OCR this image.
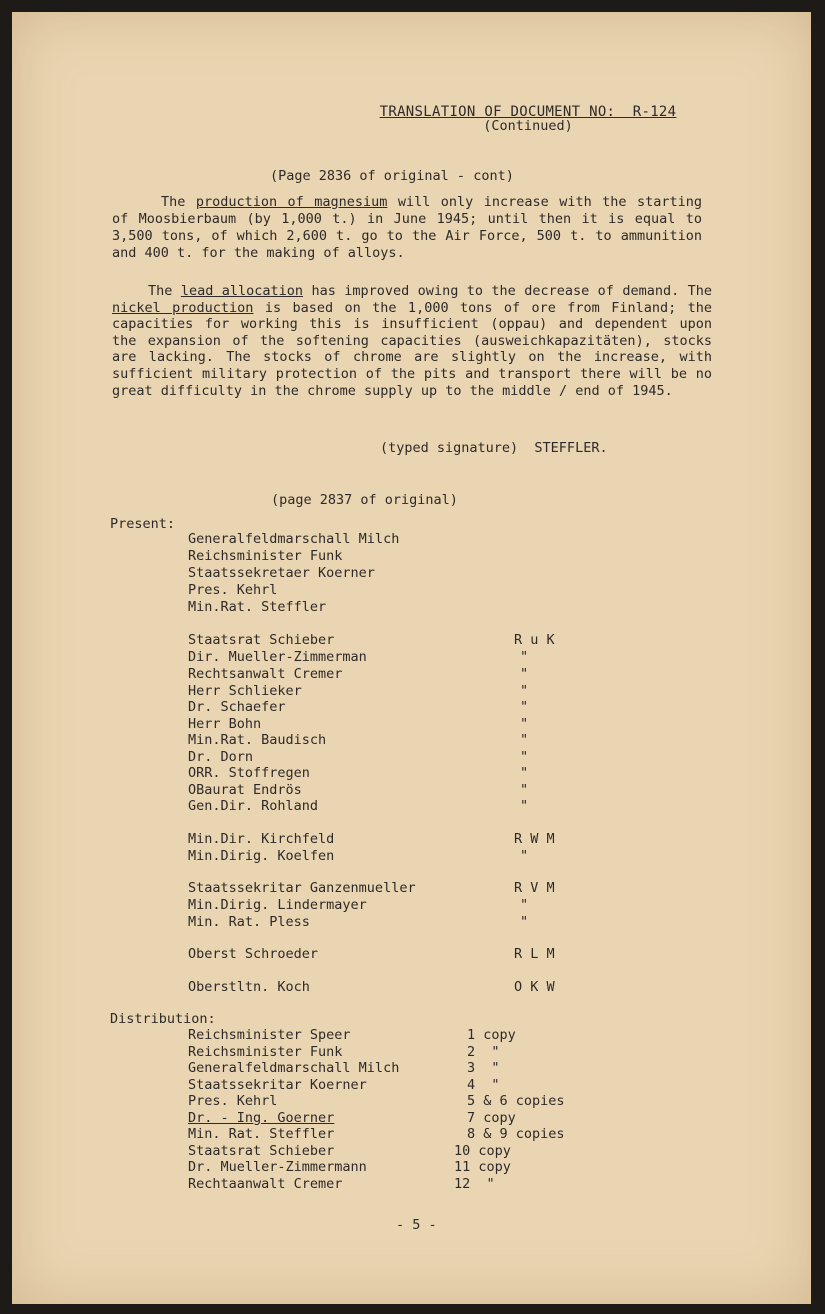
TRANSLATION OF DOCUMENT NO:  R-124
(Continued)
(Page 2836 of original - cont)
The production of magnesium will only increase with the starting of Moosbierbaum (by 1,000 t.) in June 1945; until then it is equal to 3,500 tons, of which 2,600 t. go to the Air Force, 500 t. to ammunition and 400 t. for the making of alloys.
The lead allocation has improved owing to the decrease of demand. The nickel production is based on the 1,000 tons of ore from Finland; the capacities for working this is insufficient (oppau) and dependent upon the expansion of the softening capacities (ausweichkapazitäten), stocks are lacking. The stocks of chrome are slightly on the increase, with sufficient military protection of the pits and transport there will be no great difficulty in the chrome supply up to the middle / end of 1945.
(typed signature)  STEFFLER.
(page 2837 of original)
Present:
Generalfeldmarschall Milch
Reichsminister Funk
Staatssekretaer Koerner
Pres. Kehrl
Min.Rat. Steffler
Staatsrat Schieber	R u K
Dir. Mueller-Zimmerman	"
Rechtsanwalt Cremer	"
Herr Schlieker	"
Dr. Schaefer	"
Herr Bohn	"
Min.Rat. Baudisch	"
Dr. Dorn	"
ORR. Stoffregen	"
OBaurat Endrös	"
Gen.Dir. Rohland	"
Min.Dir. Kirchfeld	R W M
Min.Dirig. Koelfen	"
Staatssekritar Ganzenmueller	R V M
Min.Dirig. Lindermayer	"
Min. Rat. Pless	"
Oberst Schroeder	R L M
Oberstltn. Koch	O K W
Distribution:
Reichsminister Speer	1 copy
Reichsminister Funk	2  "
Generalfeldmarschall Milch	3  "
Staatssekritar Koerner	4  "
Pres. Kehrl	5 & 6 copies
Dr. - Ing. Goerner	7 copy
Min. Rat. Steffler	8 & 9 copies
Staatsrat Schieber	10 copy
Dr. Mueller-Zimmermann	11 copy
Rechtaanwalt Cremer	12  "
- 5 -
